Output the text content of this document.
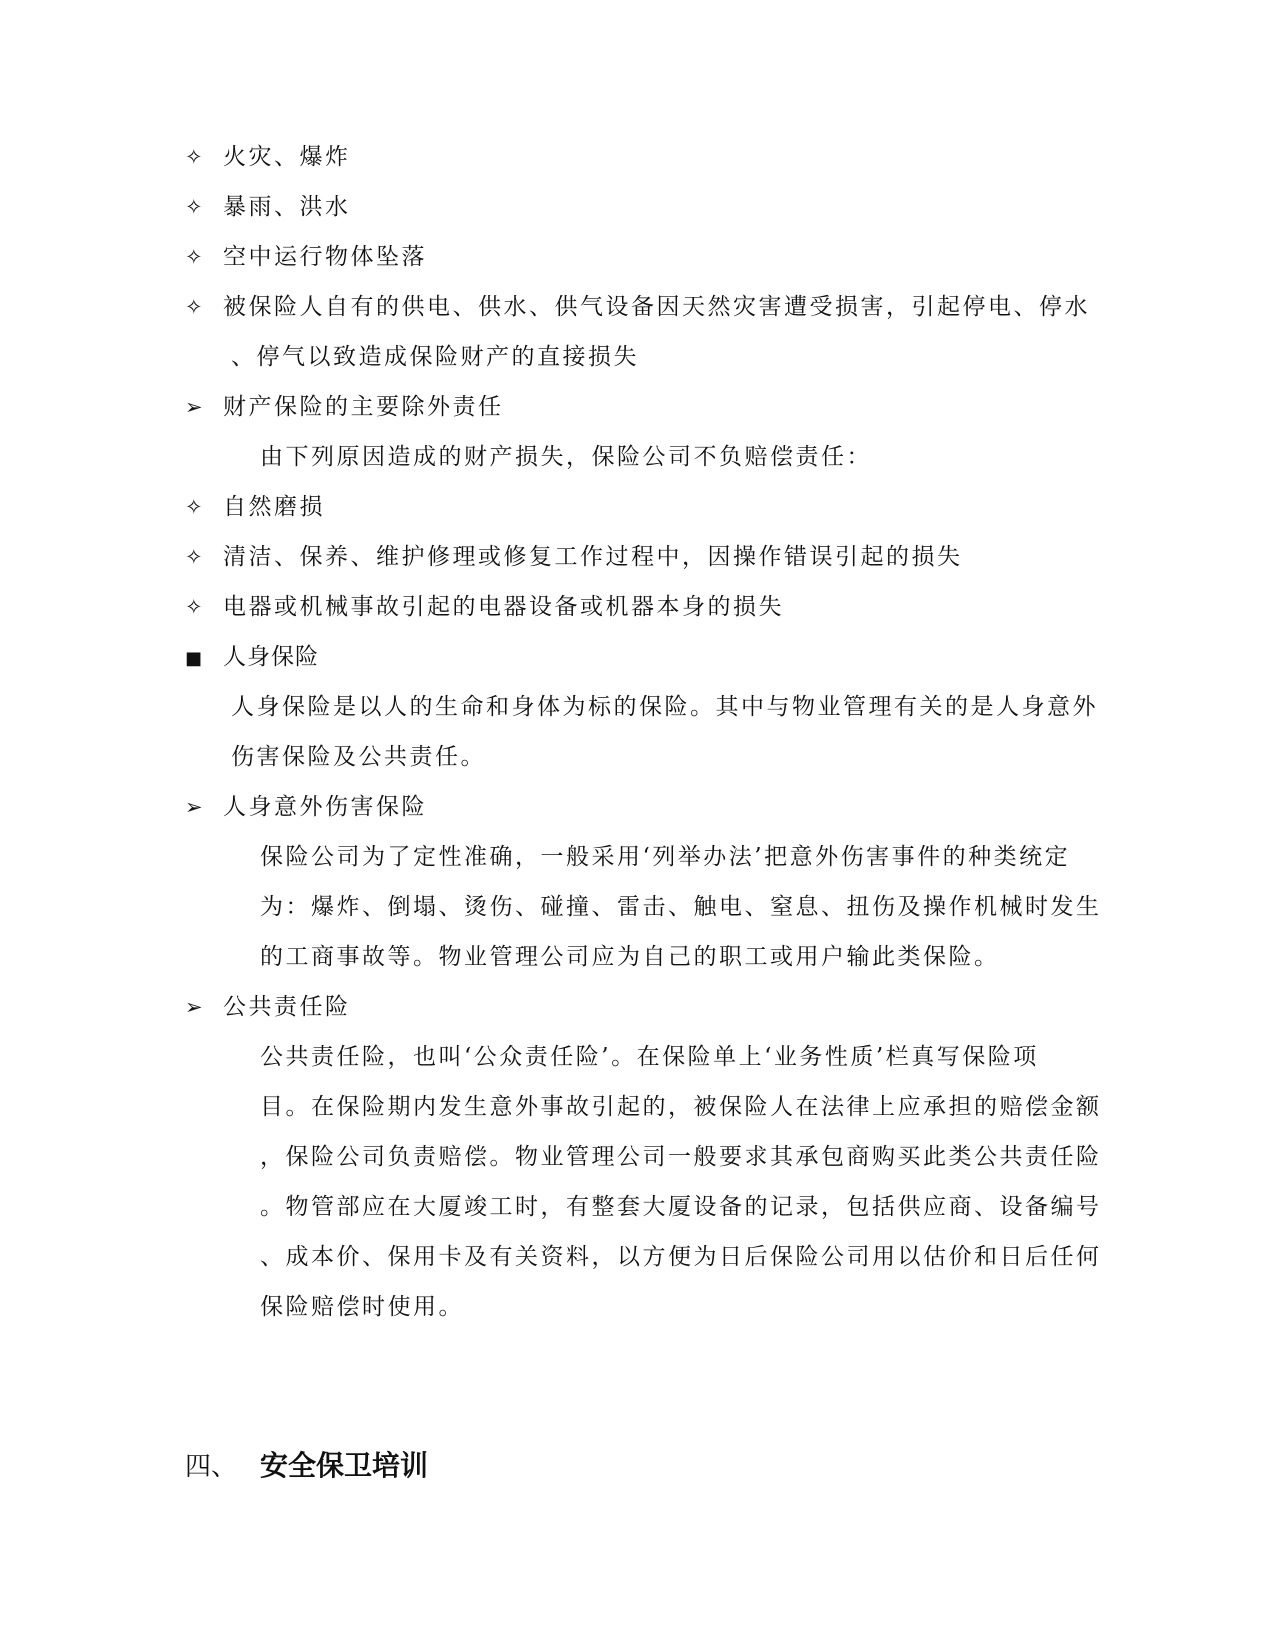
✧ 火灾、爆炸
✧ 暴雨、洪水
✧ 空中运行物体坠落
✧ 被保险人自有的供电、供水、供气设备因天然灾害遭受损害，引起停电、停水
、停气以致造成保险财产的直接损失
➢ 财产保险的主要除外责任
由下列原因造成的财产损失，保险公司不负赔偿责任：
✧ 自然磨损
✧ 清洁、保养、维护修理或修复工作过程中，因操作错误引起的损失
✧ 电器或机械事故引起的电器设备或机器本身的损失
■ 人身保险
人身保险是以人的生命和身体为标的保险。其中与物业管理有关的是人身意外
伤害保险及公共责任。
➢ 人身意外伤害保险
保险公司为了定性准确，一般采用‘列举办法’把意外伤害事件的种类统定
为：爆炸、倒塌、烫伤、碰撞、雷击、触电、窒息、扭伤及操作机械时发生
的工商事故等。物业管理公司应为自己的职工或用户输此类保险。
➢ 公共责任险
公共责任险，也叫‘公众责任险’。在保险单上‘业务性质’栏真写保险项
目。在保险期内发生意外事故引起的，被保险人在法律上应承担的赔偿金额
，保险公司负责赔偿。物业管理公司一般要求其承包商购买此类公共责任险
。物管部应在大厦竣工时，有整套大厦设备的记录，包括供应商、设备编号
、成本价、保用卡及有关资料，以方便为日后保险公司用以估价和日后任何
保险赔偿时使用。
四、 安全保卫培训
